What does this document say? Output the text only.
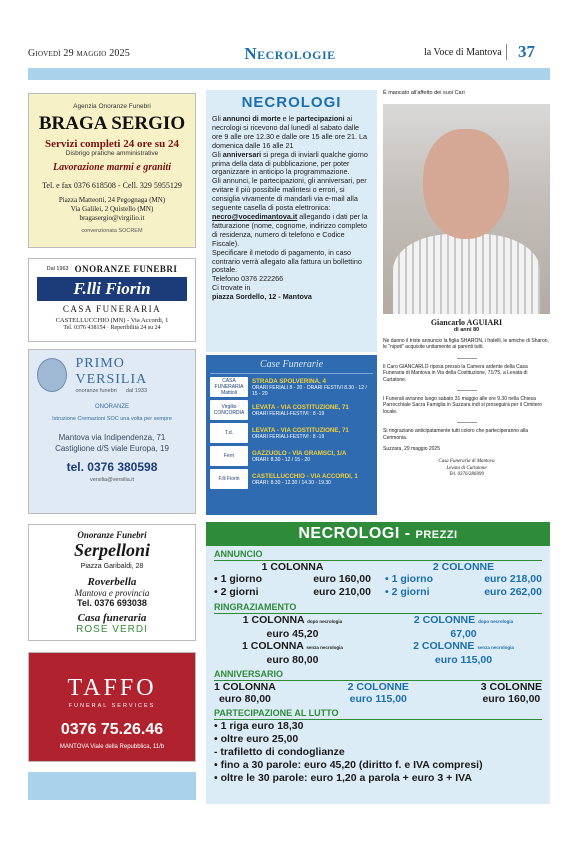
Giovedì 29 maggio 2025	Necrologie	la Voce di Mantova 37
Agenzia Onoranze Funebri
BRAGA SERGIO
Servizi completi 24 ore su 24
Disbrigo pratiche amministrative
Lavorazione marmi e graniti
Tel. e fax 0376 618508 - Cell. 329 5955129
Piazza Matteotti, 24 Pegognaga (MN)
Via Galilei, 2 Quistello (MN)
bragasergio@virgilio.it
convenzionata SOCREM
Dal 1963 ONORANZE FUNEBRI
F.lli Fiorin
CASA FUNERARIA
CASTELLUCCHIO (MN) - Via Accordi, 1
Tel. 0376 438154 · Reperibilità 24 su 24
PRIMO VERSILIA
onoranze funebri dal 1933
ONORANZE
Istruzione Cremazioni SOC una volta per sempre
Mantova via Indipendenza, 71
Castiglione d/S viale Europa, 19
tel. 0376 380598
versilia@versilia.it
Onoranze Funebri
Serpelloni
Piazza Garibaldi, 28
Roverbella
Mantova e provincia
Tel. 0376 693038
Casa funeraria
ROSE VERDI
TAFFO
FUNERAL SERVICES
0376 75.26.46
MANTOVA Viale della Repubblica, 11/b
NECROLOGI
Gli annunci di morte e le partecipazioni ai necrologi si ricevono dal lunedì al sabato dalle ore 9 alle ore 12.30 e dalle ore 15 alle ore 21. La domenica dalle 16 alle 21
Gli anniversari si prega di inviarli qualche giorno prima della data di pubblicazione, per poter organizzare in anticipo la programmazione.
Gli annunci, le partecipazioni, gli anniversari, per evitare il più possibile malintesi o errori, si consiglia vivamente di mandarli via e-mail alla seguente casella di posta elettronica:
necro@vocedimantova.it allegando i dati per la fatturazione (nome, cognome, indirizzo completo di residenza, numero di telefono e Codice Fiscale).
Specificare il metodo di pagamento, in caso contrario verrà allegato alla fattura un bollettino postale.
Telefono 0376 222266
Ci trovate in
piazza Sordello, 12 - Mantova
Case Funerarie
CASA FUNERARIA Mattioli
STRADA SPOLVERINA, 4
ORARI FERIALI 8 - 20 · ORARI FESTIVI 8.30 - 12 / 15 - 20
Virgilio CONCORDIA
LEVATA - VIA COSTITUZIONE, 71
ORARI FERIALI-FESTIVI : 8 -19
T.d.	LEVATA - VIA COSTITUZIONE, 71
ORARI FERIALI-FESTIVI : 8 -19
Ferri	GAZZUOLO - VIA GRAMSCI, 1/A
ORARI: 8.30 - 12 / 15 - 20
F.lli Fiorin	CASTELLUCCHIO - VIA ACCORDI, 1
ORARI: 8.30 - 12.30 / 14.30 - 19.30
È mancato all'affetto dei suoi Cari
Giancarlo AGUIARI
di anni 80
Ne danno il triste annuncio la figlia SHARON, i fratelli, le amiche di Sharon, le "nipoti" acquisite unitamente ai parenti tutti.
Il Caro GIANCARLO riposa presso la Camera ardente della Casa Funeraria di Mantova in Via della Costituzione, 71/75, a Levata di Curtatone.
I Funerali avranno luogo sabato 31 maggio alle ore 9.30 nella Chiesa Parrocchiale Sacra Famiglia in Suzzara indi si proseguirà per il Cimitero locale.
Si ringraziano anticipatamente tutti coloro che parteciperanno alla Cerimonia.
Suzzara, 29 maggio 2025
Casa Funeraria di Mantova
Levata di Curtatone
Tel. 0376/286999
NECROLOGI - PREZZI
ANNUNCIO
1 COLONNA
• 1 giorno	euro 160,00
• 2 giorni	euro 210,00
2 COLONNE
• 1 giorno	euro 218,00
• 2 giorni	euro 262,00
RINGRAZIAMENTO
1 COLONNA dopo necrologia
euro 45,20
1 COLONNA senza necrologia
euro 80,00
2 COLONNE dopo necrologia
67,00
2 COLONNE senza necrologia
euro 115,00
ANNIVERSARIO
1 COLONNA
euro 80,00
2 COLONNE
euro 115,00
3 COLONNE
euro 160,00
PARTECIPAZIONE AL LUTTO
• 1 riga euro 18,30
• oltre euro 25,00
- trafiletto di condoglianze
• fino a 30 parole: euro 45,20 (diritto f. e IVA compresi)
• oltre le 30 parole: euro 1,20 a parola + euro 3 + IVA
